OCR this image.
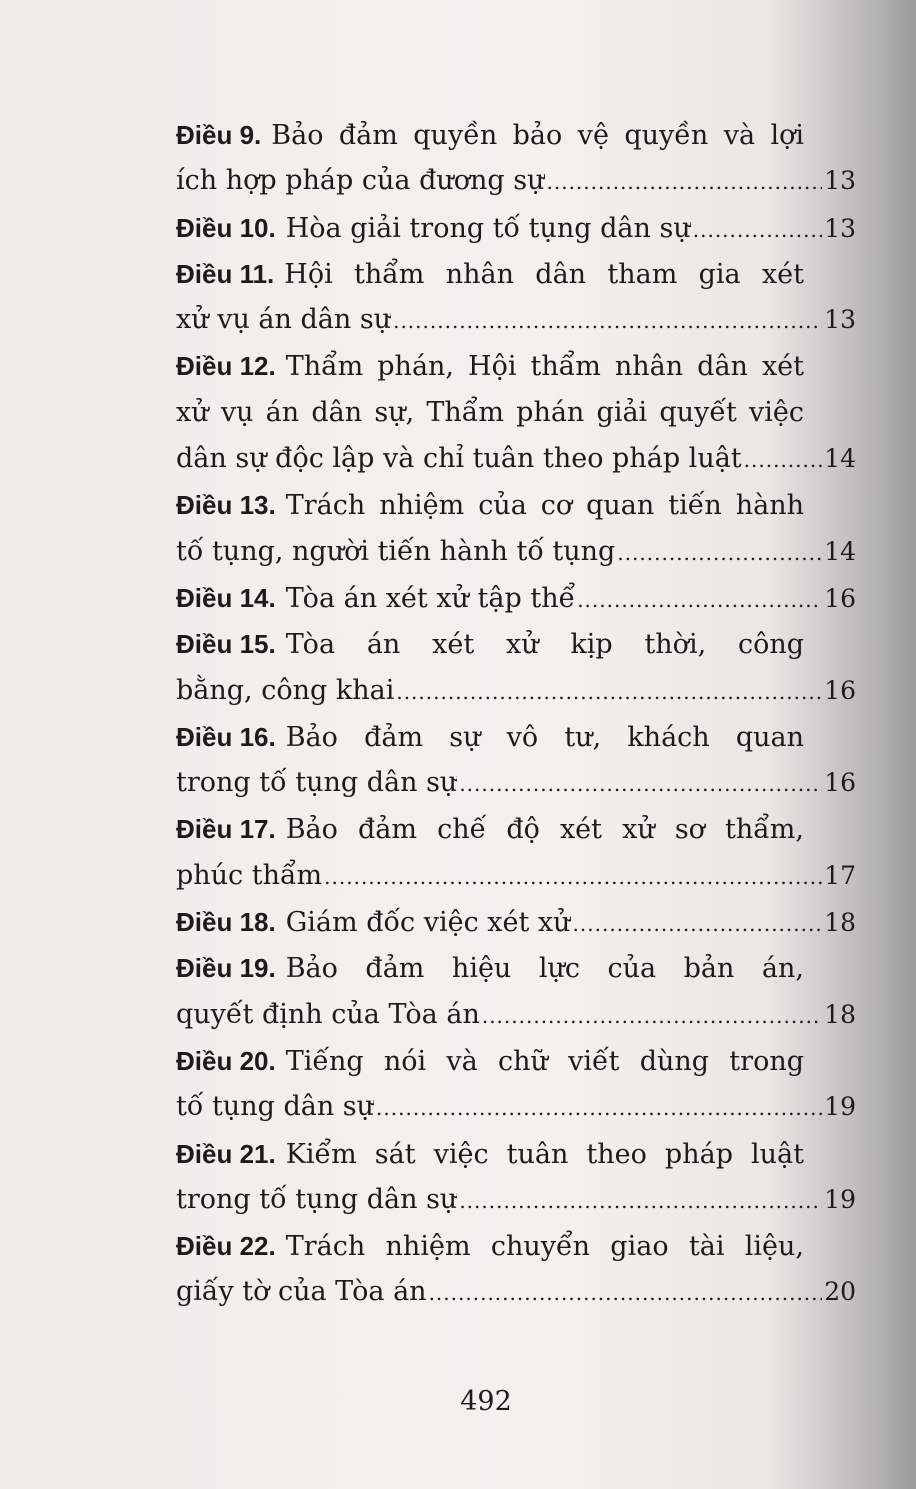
Điều 9. Bảo đảm quyền bảo vệ quyền và lợi
ích hợp pháp của đương sự .....	13
Điều 10. Hòa giải trong tố tụng dân sự .....	13
Điều 11. Hội thẩm nhân dân tham gia xét
xử vụ án dân sự .....	13
Điều 12. Thẩm phán, Hội thẩm nhân dân xét
xử vụ án dân sự, Thẩm phán giải quyết việc
dân sự độc lập và chỉ tuân theo pháp luật .....	14
Điều 13. Trách nhiệm của cơ quan tiến hành
tố tụng, người tiến hành tố tụng .....	14
Điều 14. Tòa án xét xử tập thể .....	16
Điều 15. Tòa án xét xử kịp thời, công
bằng, công khai .....	16
Điều 16. Bảo đảm sự vô tư, khách quan
trong tố tụng dân sự .....	16
Điều 17. Bảo đảm chế độ xét xử sơ thẩm,
phúc thẩm .....	17
Điều 18. Giám đốc việc xét xử .....	18
Điều 19. Bảo đảm hiệu lực của bản án,
quyết định của Tòa án .....	18
Điều 20. Tiếng nói và chữ viết dùng trong
tố tụng dân sự .....	19
Điều 21. Kiểm sát việc tuân theo pháp luật
trong tố tụng dân sự .....	19
Điều 22. Trách nhiệm chuyển giao tài liệu,
giấy tờ của Tòa án .....	20
492
